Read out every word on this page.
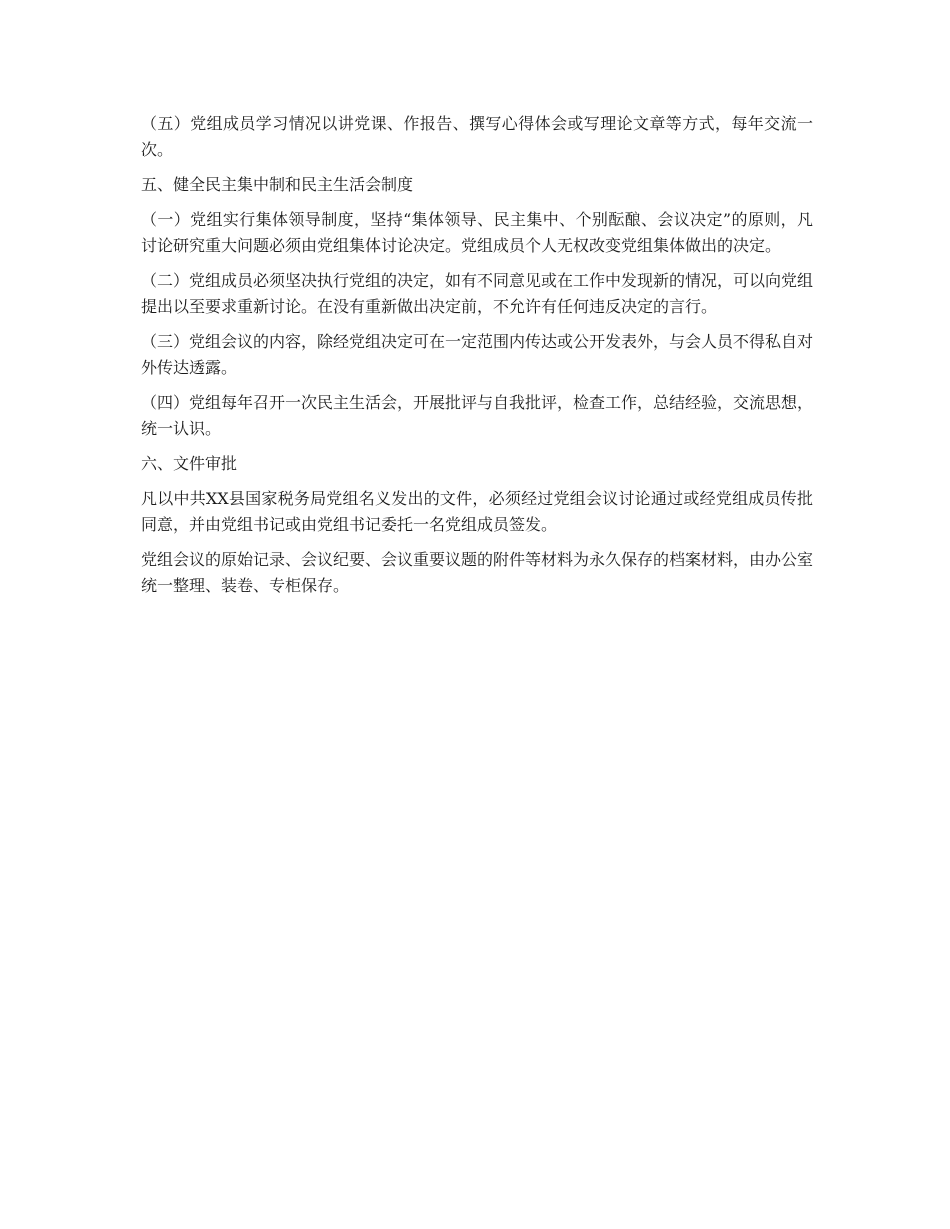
（五）党组成员学习情况以讲党课、作报告、撰写心得体会或写理论文章等方式，每年交流一次。

五、健全民主集中制和民主生活会制度

（一）党组实行集体领导制度，坚持“集体领导、民主集中、个别酝酿、会议决定”的原则，凡讨论研究重大问题必须由党组集体讨论决定。党组成员个人无权改变党组集体做出的决定。

（二）党组成员必须坚决执行党组的决定，如有不同意见或在工作中发现新的情况，可以向党组提出以至要求重新讨论。在没有重新做出决定前，不允许有任何违反决定的言行。

（三）党组会议的内容，除经党组决定可在一定范围内传达或公开发表外，与会人员不得私自对外传达透露。

（四）党组每年召开一次民主生活会，开展批评与自我批评，检查工作，总结经验，交流思想，统一认识。

六、文件审批

凡以中共XX县国家税务局党组名义发出的文件，必须经过党组会议讨论通过或经党组成员传批同意，并由党组书记或由党组书记委托一名党组成员签发。

党组会议的原始记录、会议纪要、会议重要议题的附件等材料为永久保存的档案材料，由办公室统一整理、装卷、专柜保存。
